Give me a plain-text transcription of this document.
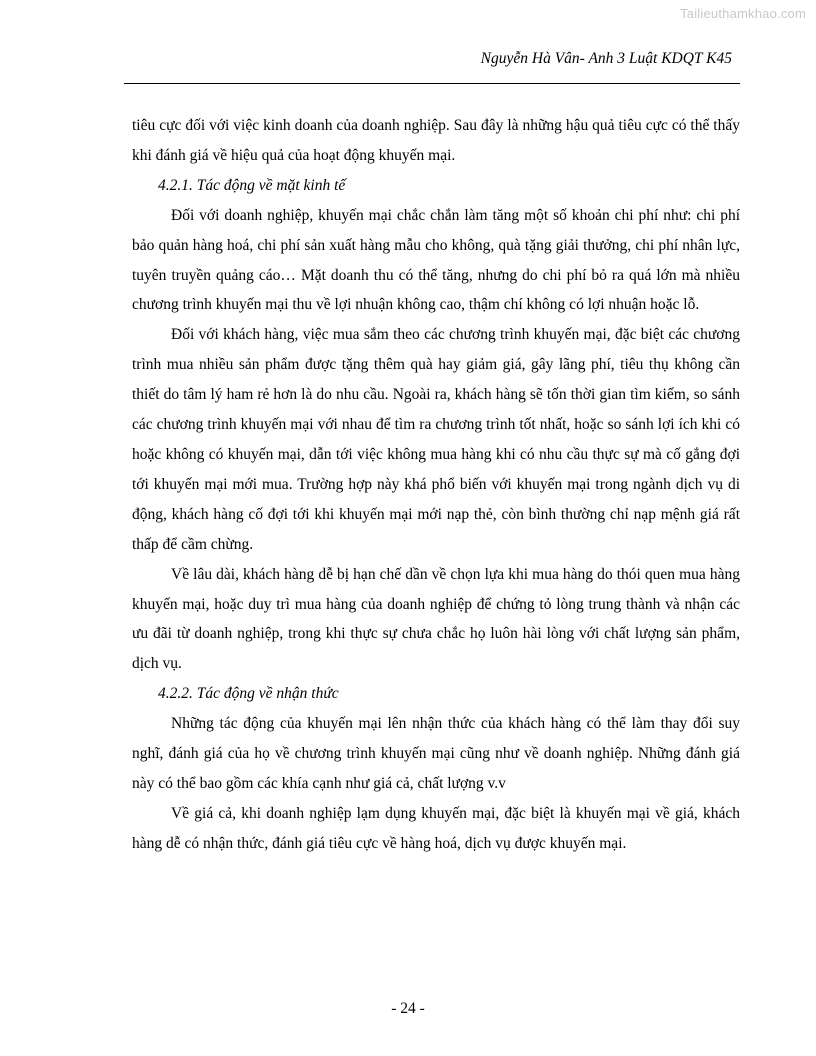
Tailieuthamkhao.com
Nguyễn Hà Vân- Anh 3 Luật KDQT K45

tiêu cực đối với việc kinh doanh của doanh nghiệp. Sau đây là những hậu quả tiêu cực có thể thấy khi đánh giá về hiệu quả của hoạt động khuyến mại.

4.2.1. Tác động về mặt kinh tế

Đối với doanh nghiệp, khuyến mại chắc chắn làm tăng một số khoản chi phí như: chi phí bảo quản hàng hoá, chi phí sản xuất hàng mẫu cho không, quà tặng giải thưởng, chi phí nhân lực, tuyên truyền quảng cáo… Mặt doanh thu có thể tăng, nhưng do chi phí bỏ ra quá lớn mà nhiều chương trình khuyến mại thu về lợi nhuận không cao, thậm chí không có lợi nhuận hoặc lỗ.

Đối với khách hàng, việc mua sắm theo các chương trình khuyến mại, đặc biệt các chương trình mua nhiều sản phẩm được tặng thêm quà hay giảm giá, gây lãng phí, tiêu thụ không cần thiết do tâm lý ham rẻ hơn là do nhu cầu. Ngoài ra, khách hàng sẽ tốn thời gian tìm kiếm, so sánh các chương trình khuyến mại với nhau để tìm ra chương trình tốt nhất, hoặc so sánh lợi ích khi có hoặc không có khuyến mại, dẫn tới việc không mua hàng khi có nhu cầu thực sự mà cố gắng đợi tới khuyến mại mới mua. Trường hợp này khá phổ biến với khuyến mại trong ngành dịch vụ di động, khách hàng cố đợi tới khi khuyến mại mới nạp thẻ, còn bình thường chỉ nạp mệnh giá rất thấp để cầm chừng.

Về lâu dài, khách hàng dễ bị hạn chế dần về chọn lựa khi mua hàng do thói quen mua hàng khuyến mại, hoặc duy trì mua hàng của doanh nghiệp để chứng tỏ lòng trung thành và nhận các ưu đãi từ doanh nghiệp, trong khi thực sự chưa chắc họ luôn hài lòng với chất lượng sản phẩm, dịch vụ.

4.2.2. Tác động về nhận thức

Những tác động của khuyến mại lên nhận thức của khách hàng có thể làm thay đổi suy nghĩ, đánh giá của họ về chương trình khuyến mại cũng như về doanh nghiệp. Những đánh giá này có thể bao gồm các khía cạnh như giá cả, chất lượng v.v

Về giá cả, khi doanh nghiệp lạm dụng khuyến mại, đặc biệt là khuyến mại về giá, khách hàng dễ có nhận thức, đánh giá tiêu cực về hàng hoá, dịch vụ được khuyến mại.

- 24 -
